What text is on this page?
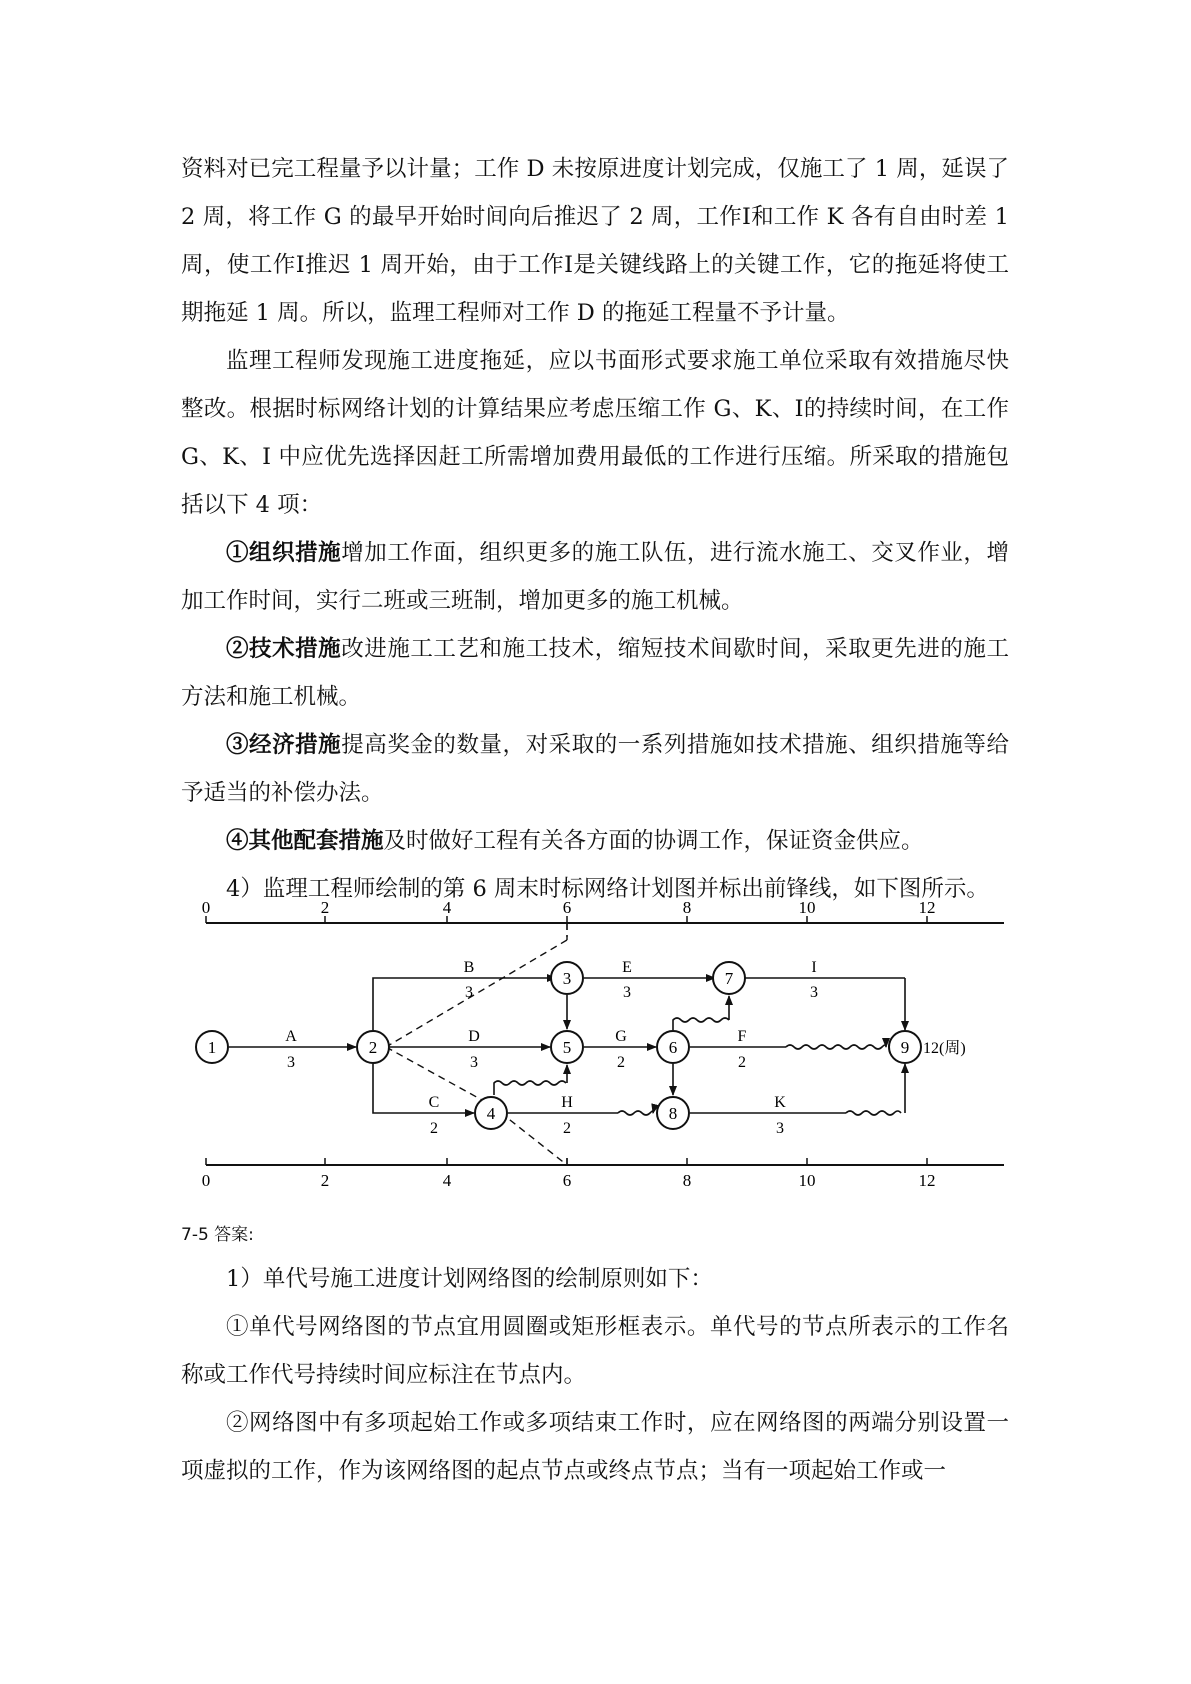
资料对已完工程量予以计量；工作 D 未按原进度计划完成，仅施工了 1 周，延误了 2 周，将工作 G 的最早开始时间向后推迟了 2 周，工作I和工作 K 各有自由时差 1 周，使工作I推迟 1 周开始，由于工作I是关键线路上的关键工作，它的拖延将使工期拖延 1 周。所以，监理工程师对工作 D 的拖延工程量不予计量。

监理工程师发现施工进度拖延，应以书面形式要求施工单位采取有效措施尽快整改。根据时标网络计划的计算结果应考虑压缩工作 G、K、I的持续时间，在工作 G、K、I 中应优先选择因赶工所需增加费用最低的工作进行压缩。所采取的措施包括以下 4 项：

①组织措施增加工作面，组织更多的施工队伍，进行流水施工、交叉作业，增加工作时间，实行二班或三班制，增加更多的施工机械。

②技术措施改进施工工艺和施工技术，缩短技术间歇时间，采取更先进的施工方法和施工机械。

③经济措施提高奖金的数量，对采取的一系列措施如技术措施、组织措施等给予适当的补偿办法。

④其他配套措施及时做好工程有关各方面的协调工作，保证资金供应。

4）监理工程师绘制的第 6 周末时标网络计划图并标出前锋线，如下图所示。

0	2	4	6	8	10	12
0	2	4	6	8	10	12
1	2
3
4
5	6
7
8
9 12(周)
A
3
B
3
C
2
D
3
E
3
F
2
G
2
H
2
I
3
K
3

7-5 答案:

1）单代号施工进度计划网络图的绘制原则如下：

①单代号网络图的节点宜用圆圈或矩形框表示。单代号的节点所表示的工作名称或工作代号持续时间应标注在节点内。

②网络图中有多项起始工作或多项结束工作时，应在网络图的两端分别设置一项虚拟的工作，作为该网络图的起点节点或终点节点；当有一项起始工作或一
